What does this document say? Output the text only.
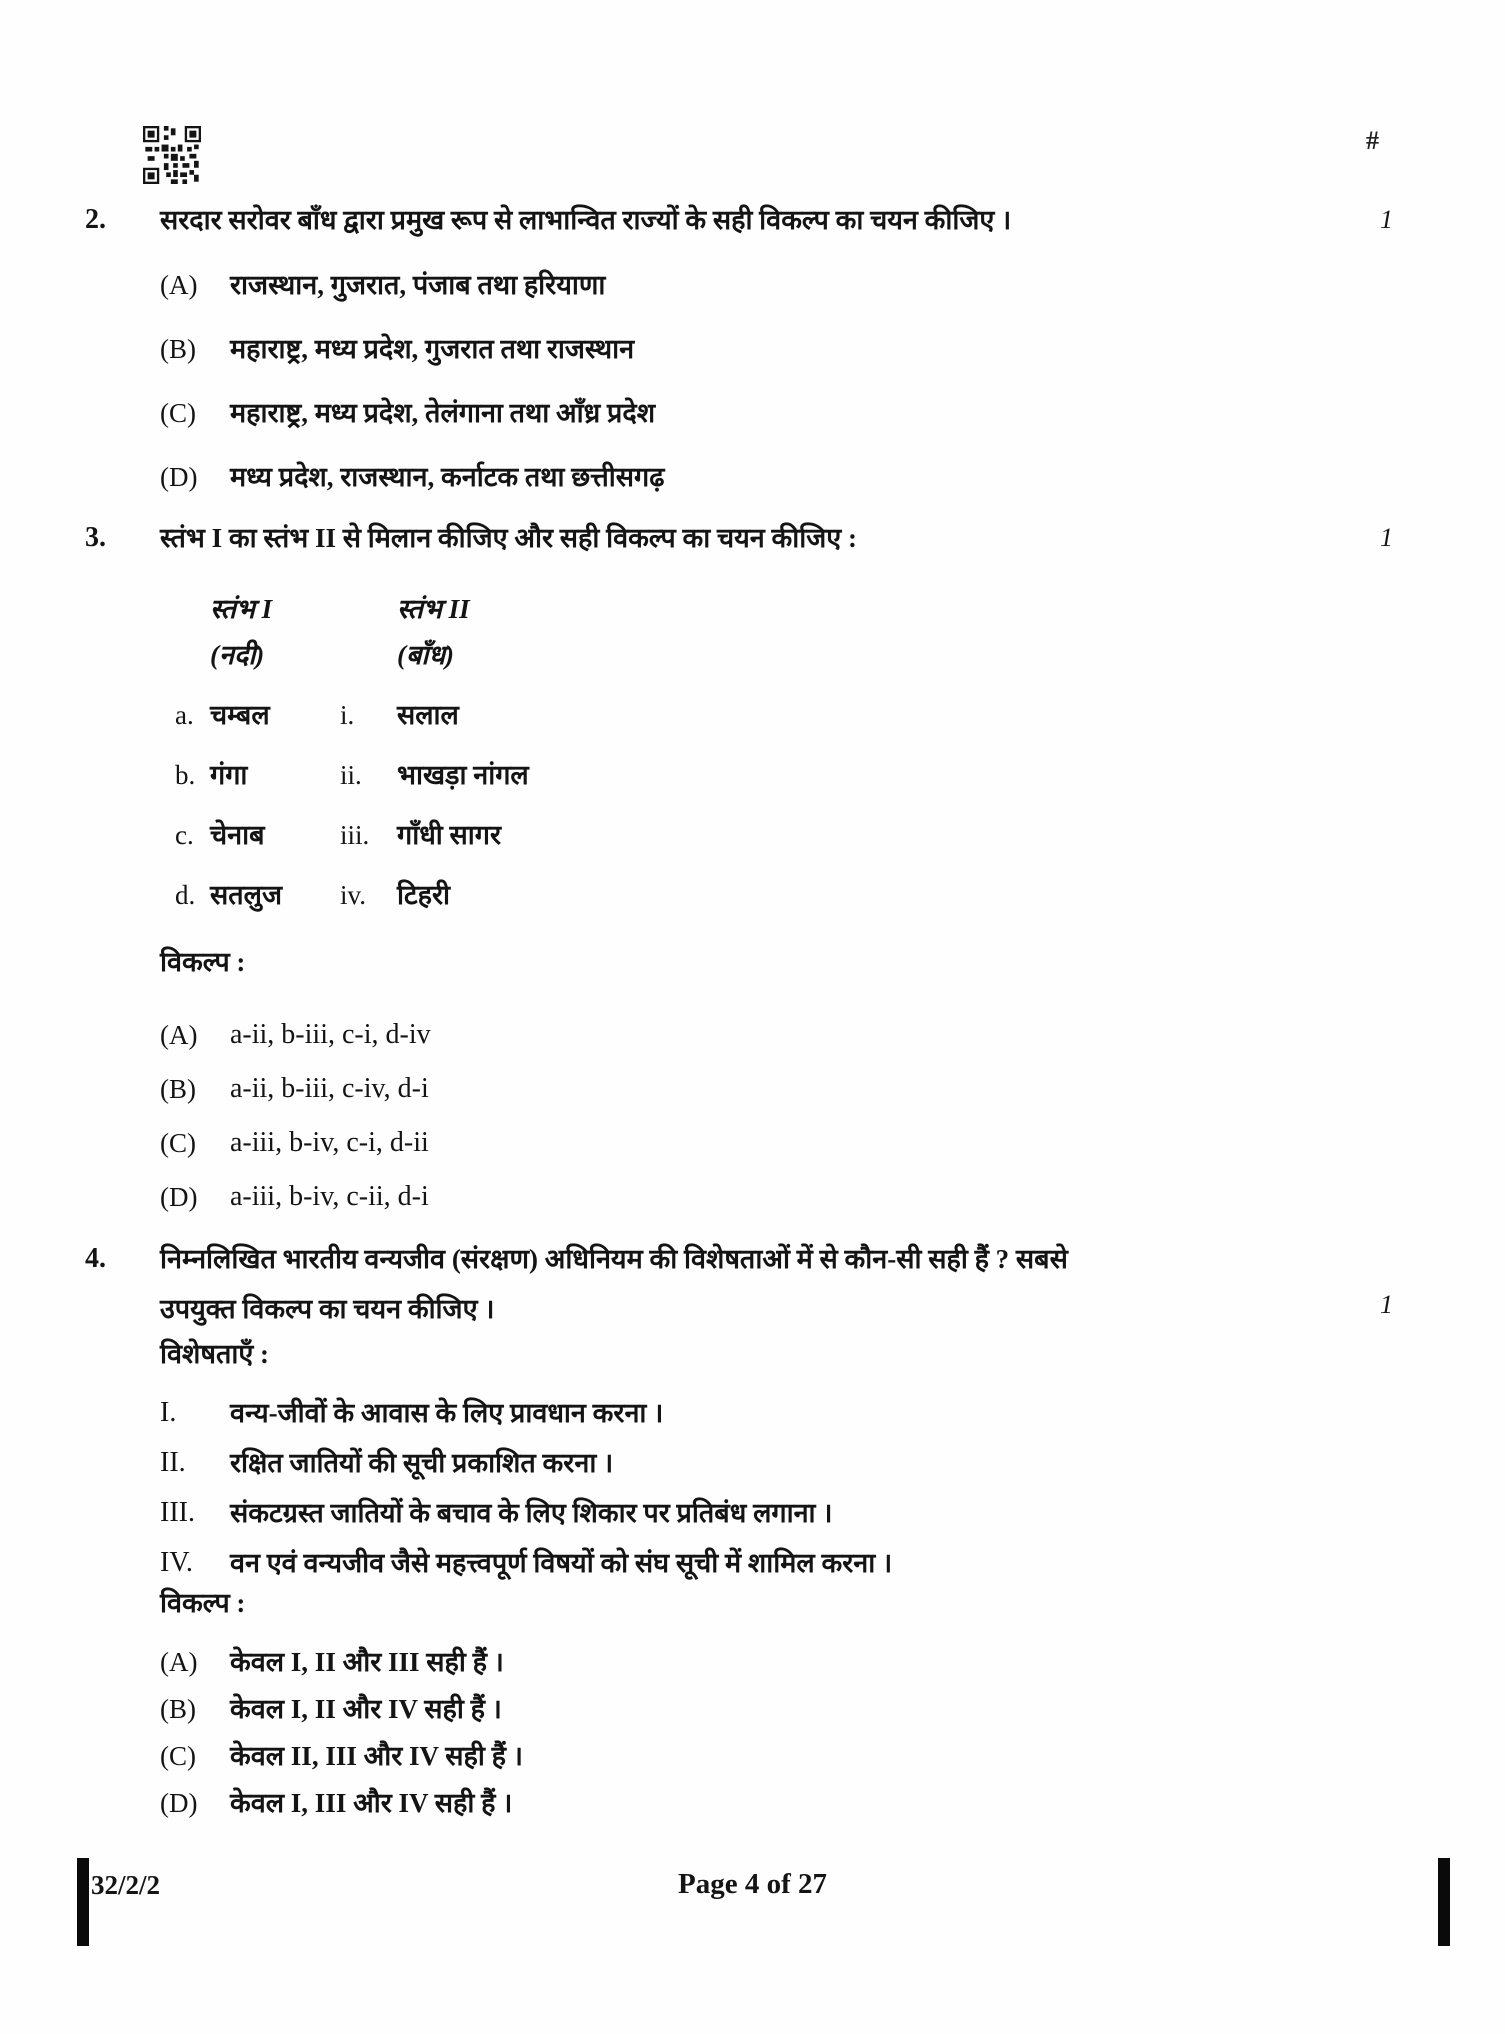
#
2.	सरदार सरोवर बाँध द्वारा प्रमुख रूप से लाभान्वित राज्यों के सही विकल्प का चयन कीजिए ।	1
(A)	राजस्थान, गुजरात, पंजाब तथा हरियाणा
(B)	महाराष्ट्र, मध्य प्रदेश, गुजरात तथा राजस्थान
(C)	महाराष्ट्र, मध्य प्रदेश, तेलंगाना तथा आँध्र प्रदेश
(D)	मध्य प्रदेश, राजस्थान, कर्नाटक तथा छत्तीसगढ़
3.	स्तंभ I का स्तंभ II से मिलान कीजिए और सही विकल्प का चयन कीजिए :	1
स्तंभ I	स्तंभ II
(नदी)	(बाँध)
a. चम्बल	i.	सलाल
b. गंगा	ii.	भाखड़ा नांगल
c. चेनाब	iii.	गाँधी सागर
d. सतलुज	iv.	टिहरी
विकल्प :
(A)	a-ii, b-iii, c-i, d-iv
(B)	a-ii, b-iii, c-iv, d-i
(C)	a-iii, b-iv, c-i, d-ii
(D)	a-iii, b-iv, c-ii, d-i
4.	निम्नलिखित भारतीय वन्यजीव (संरक्षण) अधिनियम की विशेषताओं में से कौन-सी सही हैं ? सबसे
उपयुक्त विकल्प का चयन कीजिए ।	1
विशेषताएँ :
I.	वन्य-जीवों के आवास के लिए प्रावधान करना ।
II.	रक्षित जातियों की सूची प्रकाशित करना ।
III.	संकटग्रस्त जातियों के बचाव के लिए शिकार पर प्रतिबंध लगाना ।
IV.	वन एवं वन्यजीव जैसे महत्त्वपूर्ण विषयों को संघ सूची में शामिल करना ।
विकल्प :
(A)	केवल I, II और III सही हैं ।
(B)	केवल I, II और IV सही हैं ।
(C)	केवल II, III और IV सही हैं ।
(D)	केवल I, III और IV सही हैं ।
32/2/2	Page 4 of 27
